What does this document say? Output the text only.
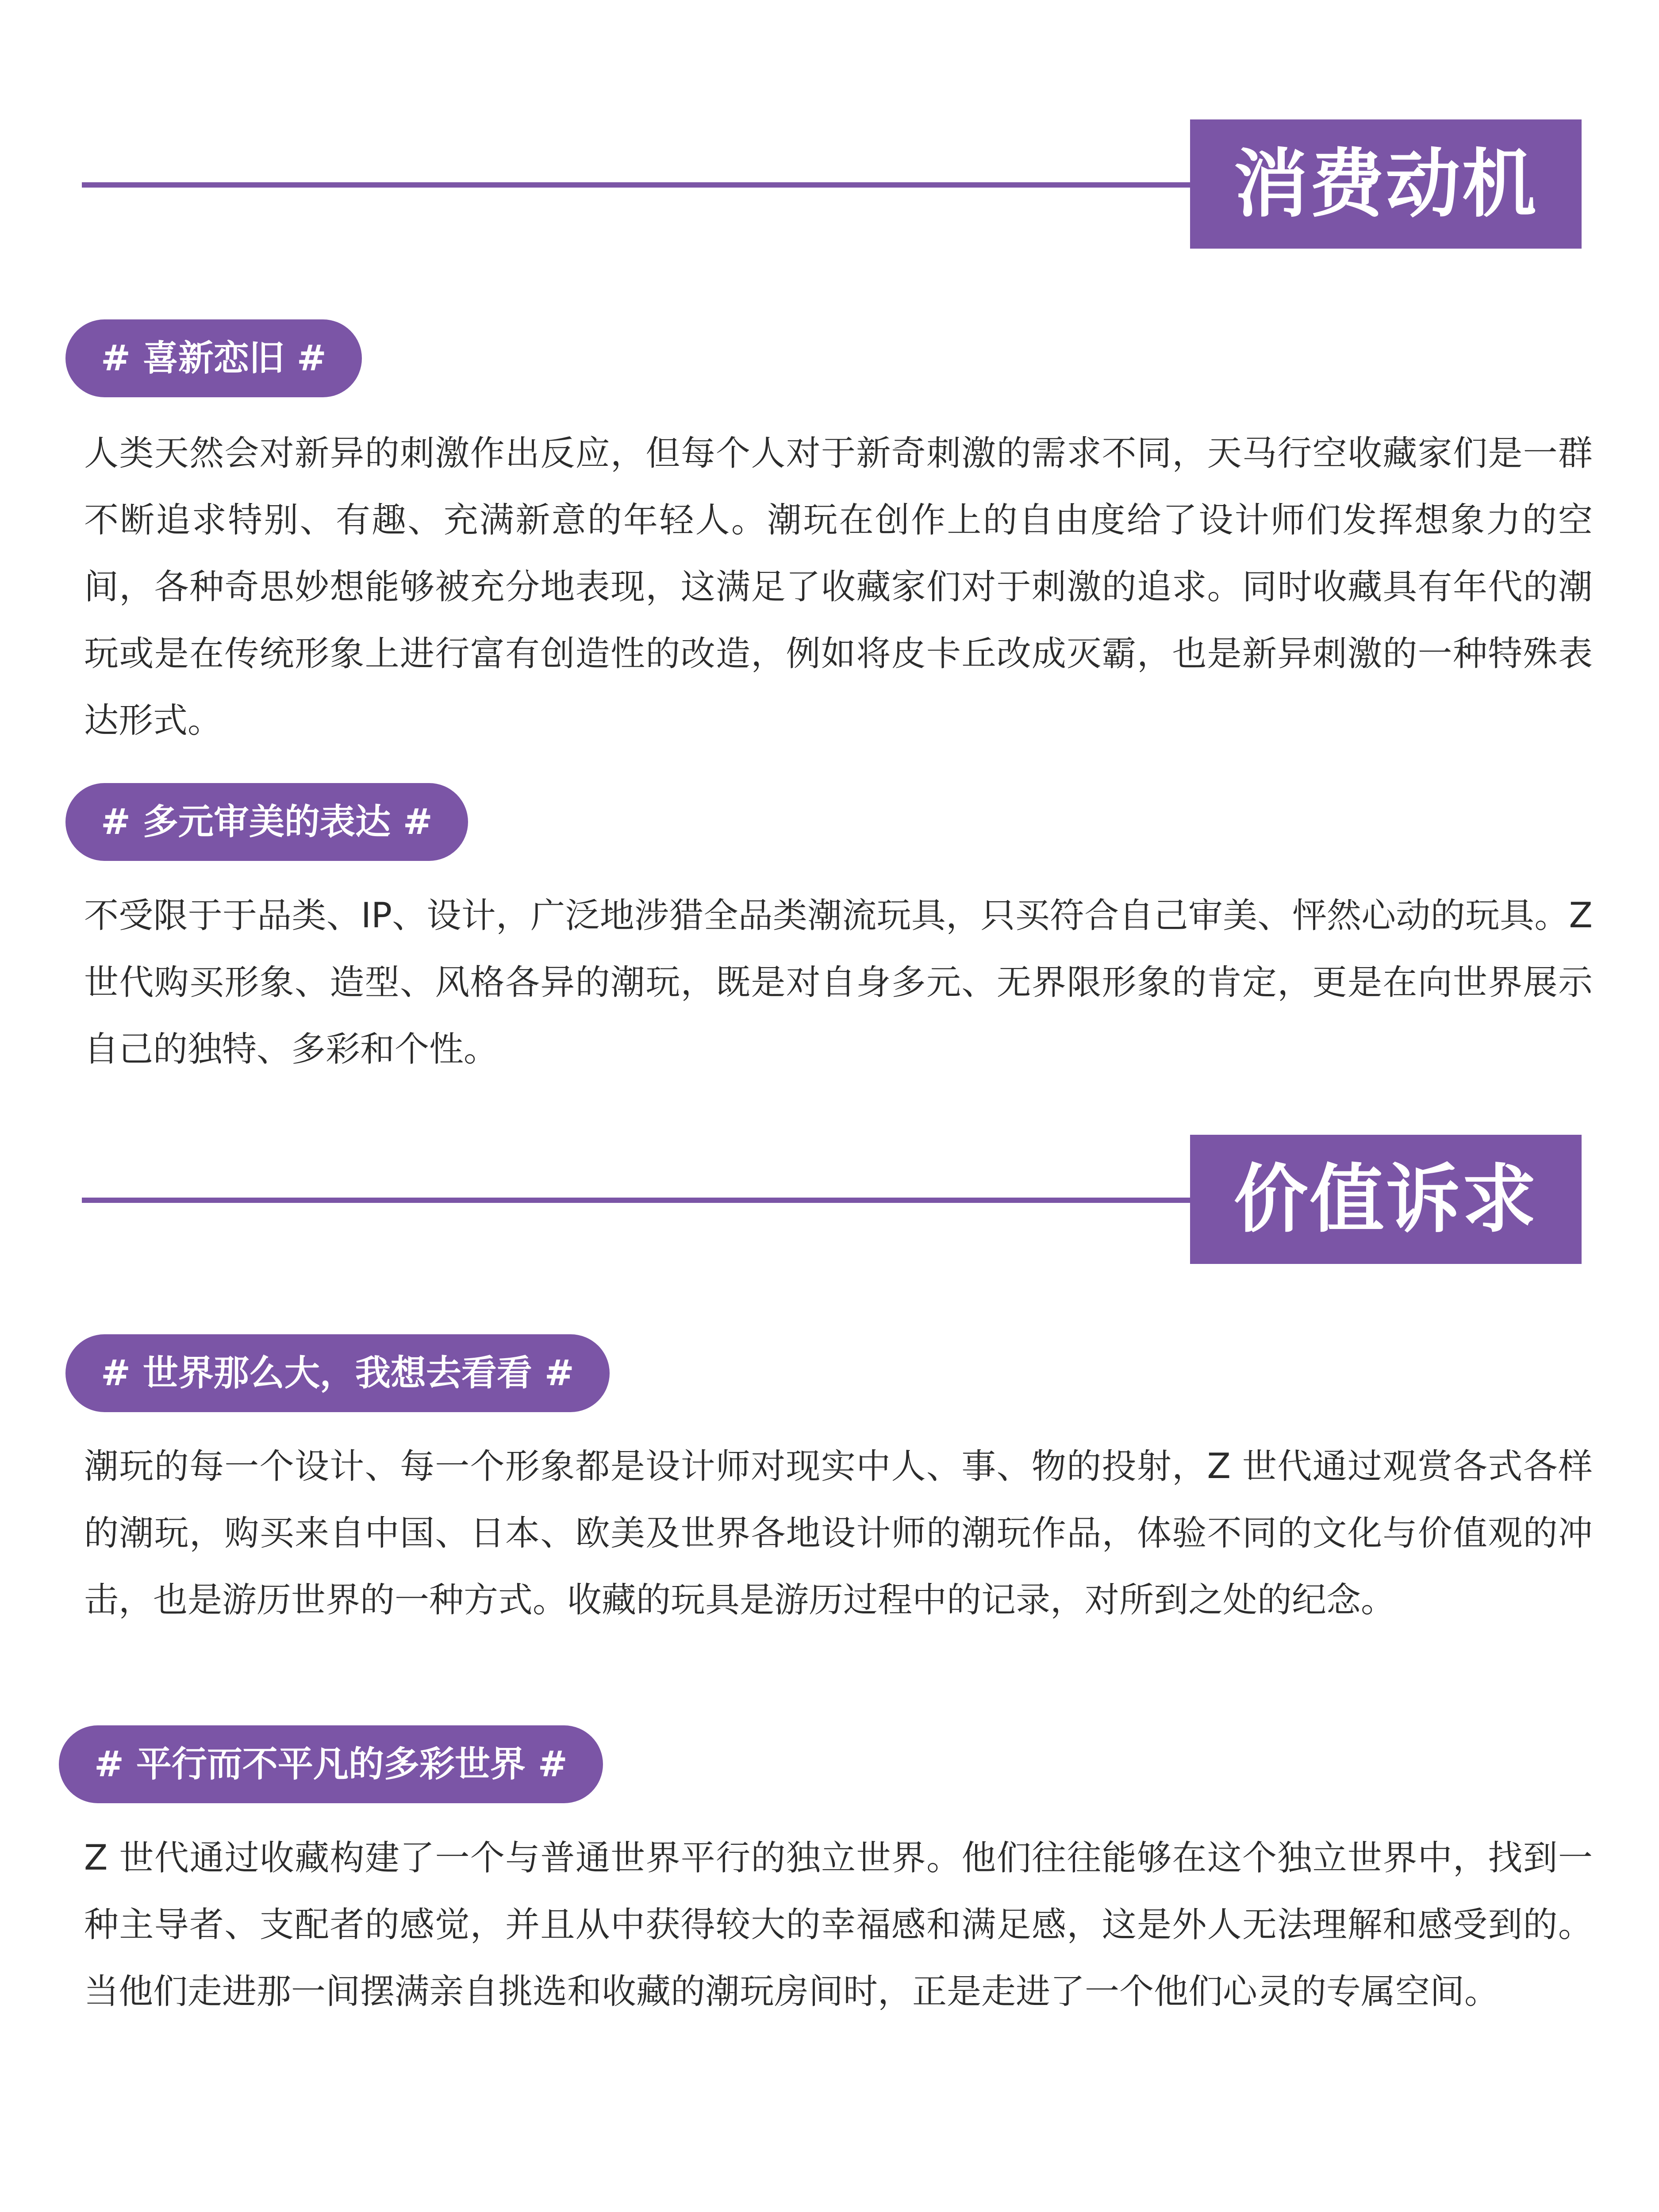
消费动机
# 喜新恋旧 #

人类天然会对新异的刺激作出反应，但每个人对于新奇刺激的需求不同，天马行空收藏家们是一群不断追求特别、有趣、充满新意的年轻人。潮玩在创作上的自由度给了设计师们发挥想象力的空间，各种奇思妙想能够被充分地表现，这满足了收藏家们对于刺激的追求。同时收藏具有年代的潮玩或是在传统形象上进行富有创造性的改造，例如将皮卡丘改成灭霸，也是新异刺激的一种特殊表达形式。

# 多元审美的表达 #

不受限于于品类、IP、设计，广泛地涉猎全品类潮流玩具，只买符合自己审美、怦然心动的玩具。Z 世代购买形象、造型、风格各异的潮玩，既是对自身多元、无界限形象的肯定，更是在向世界展示自己的独特、多彩和个性。

价值诉求
# 世界那么大，我想去看看 #

潮玩的每一个设计、每一个形象都是设计师对现实中人、事、物的投射，Z 世代通过观赏各式各样的潮玩，购买来自中国、日本、欧美及世界各地设计师的潮玩作品，体验不同的文化与价值观的冲击，也是游历世界的一种方式。收藏的玩具是游历过程中的记录，对所到之处的纪念。

# 平行而不平凡的多彩世界 #

Z 世代通过收藏构建了一个与普通世界平行的独立世界。他们往往能够在这个独立世界中，找到一种主导者、支配者的感觉，并且从中获得较大的幸福感和满足感，这是外人无法理解和感受到的。当他们走进那一间摆满亲自挑选和收藏的潮玩房间时，正是走进了一个他们心灵的专属空间。
